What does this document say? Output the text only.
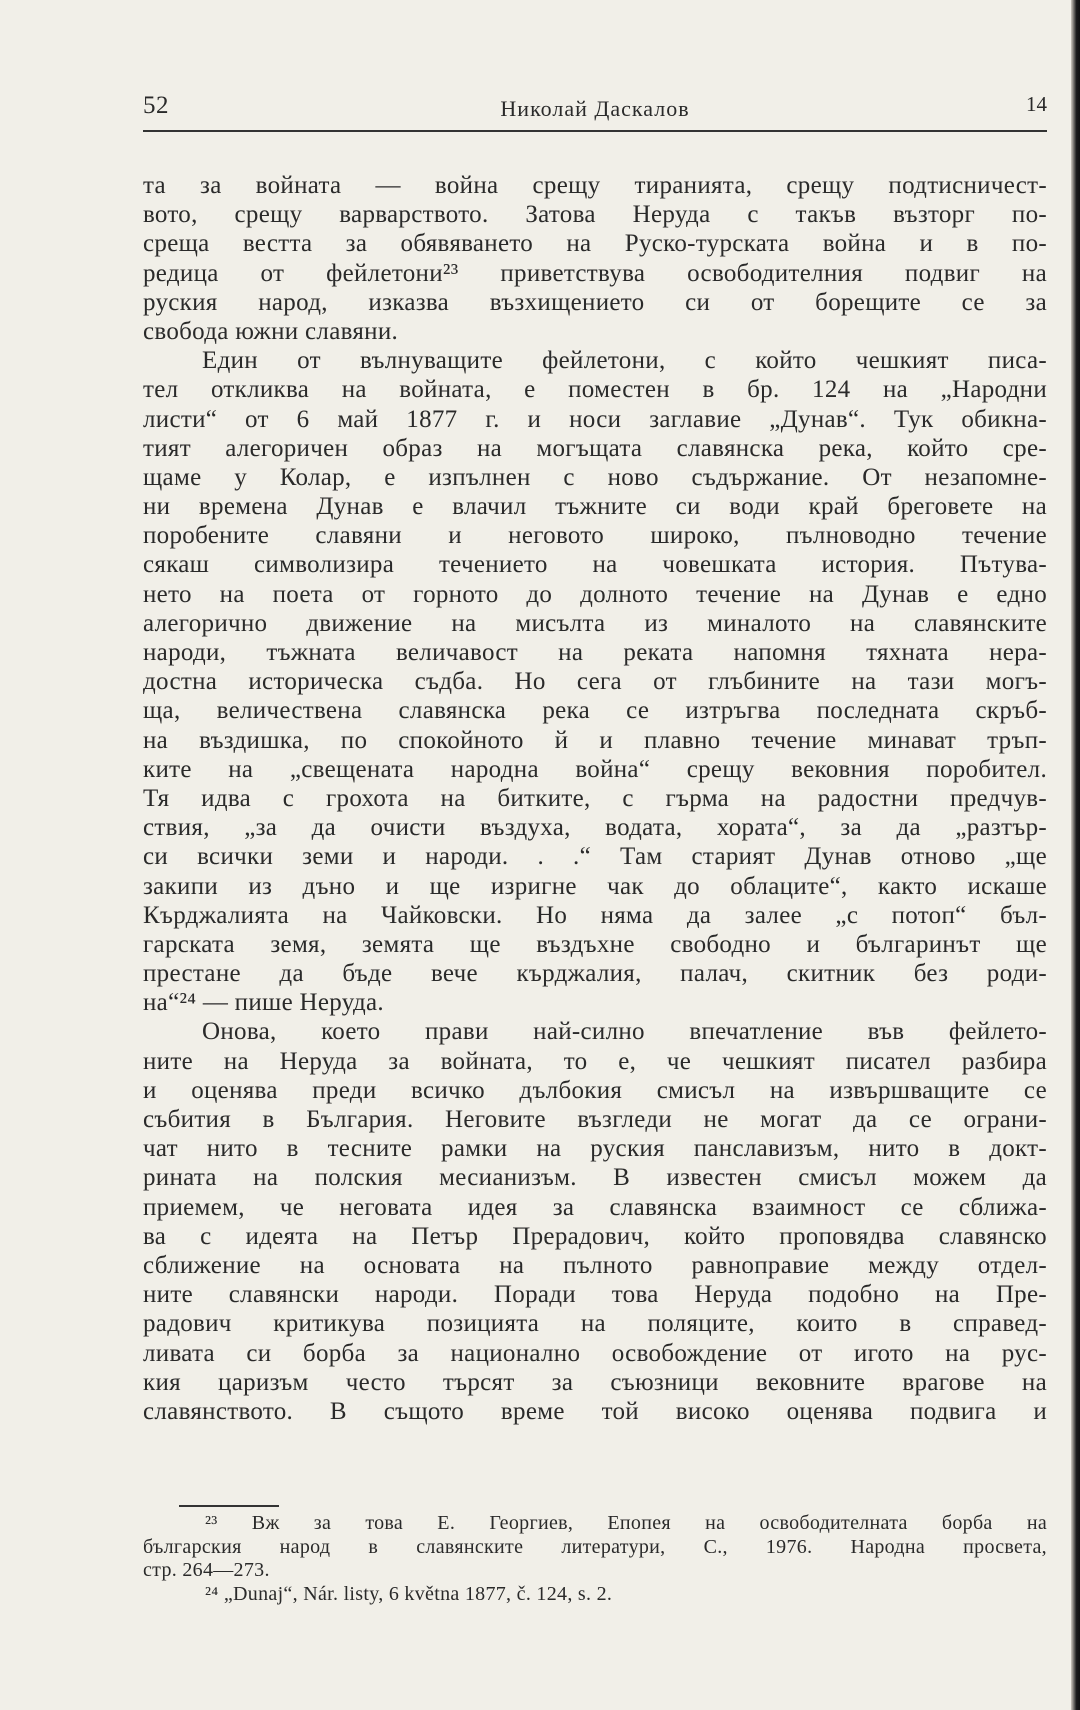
52	Николай Даскалов	14
та за войната — война срещу тиранията, срещу подтисничест-
вото, срещу варварството. Затова Неруда с такъв възторг по-
среща вестта за обявяването на Руско-турската война и в по-
редица от фейлетони²³ приветствува освободителния подвиг на
руския народ, изказва възхищението си от борещите се за
свобода южни славяни.
Един от вълнуващите фейлетони, с който чешкият писа-
тел откликва на войната, е поместен в бр. 124 на „Народни
листи“ от 6 май 1877 г. и носи заглавие „Дунав“. Тук обикна-
тият алегоричен образ на могъщата славянска река, който сре-
щаме у Колар, е изпълнен с ново съдържание. От незапомне-
ни времена Дунав е влачил тъжните си води край бреговете на
поробените славяни и неговото широко, пълноводно течение
сякаш символизира течението на човешката история. Пътува-
нето на поета от горното до долното течение на Дунав е едно
алегорично движение на мисълта из миналото на славянските
народи, тъжната величавост на реката напомня тяхната нера-
достна историческа съдба. Но сега от глъбините на тази могъ-
ща, величествена славянска река се изтръгва последната скръб-
на въздишка, по спокойното й и плавно течение минават тръп-
ките на „свещената народна война“ срещу вековния поробител.
Тя идва с грохота на битките, с гърма на радостни предчув-
ствия, „за да очисти въздуха, водата, хората“, за да „разтър-
си всички земи и народи. . .“ Там старият Дунав отново „ще
закипи из дъно и ще изригне чак до облаците“, както искаше
Кърджалията на Чайковски. Но няма да залее „с потоп“ бъл-
гарската земя, земята ще въздъхне свободно и българинът ще
престане да бъде вече кърджалия, палач, скитник без роди-
на“²⁴ — пише Неруда.
Онова, което прави най-силно впечатление във фейлето-
ните на Неруда за войната, то е, че чешкият писател разбира
и оценява преди всичко дълбокия смисъл на извършващите се
събития в България. Неговите възгледи не могат да се ограни-
чат нито в тесните рамки на руския панславизъм, нито в докт-
рината на полския месианизъм. В известен смисъл можем да
приемем, че неговата идея за славянска взаимност се сближа-
ва с идеята на Петър Прерадович, който проповядва славянско
сближение на основата на пълното равноправие между отдел-
ните славянски народи. Поради това Неруда подобно на Пре-
радович критикува позицията на поляците, които в справед-
ливата си борба за национално освобождение от игото на рус-
кия царизъм често търсят за съюзници вековните врагове на
славянството. В същото време той високо оценява подвига и
²³ Вж за това Е. Георгиев, Епопея на освободителната борба на
българския народ в славянските литератури, С., 1976. Народна просвета,
стр. 264—273.
²⁴ „Dunaj“, Nár. listy, 6 května 1877, č. 124, s. 2.
